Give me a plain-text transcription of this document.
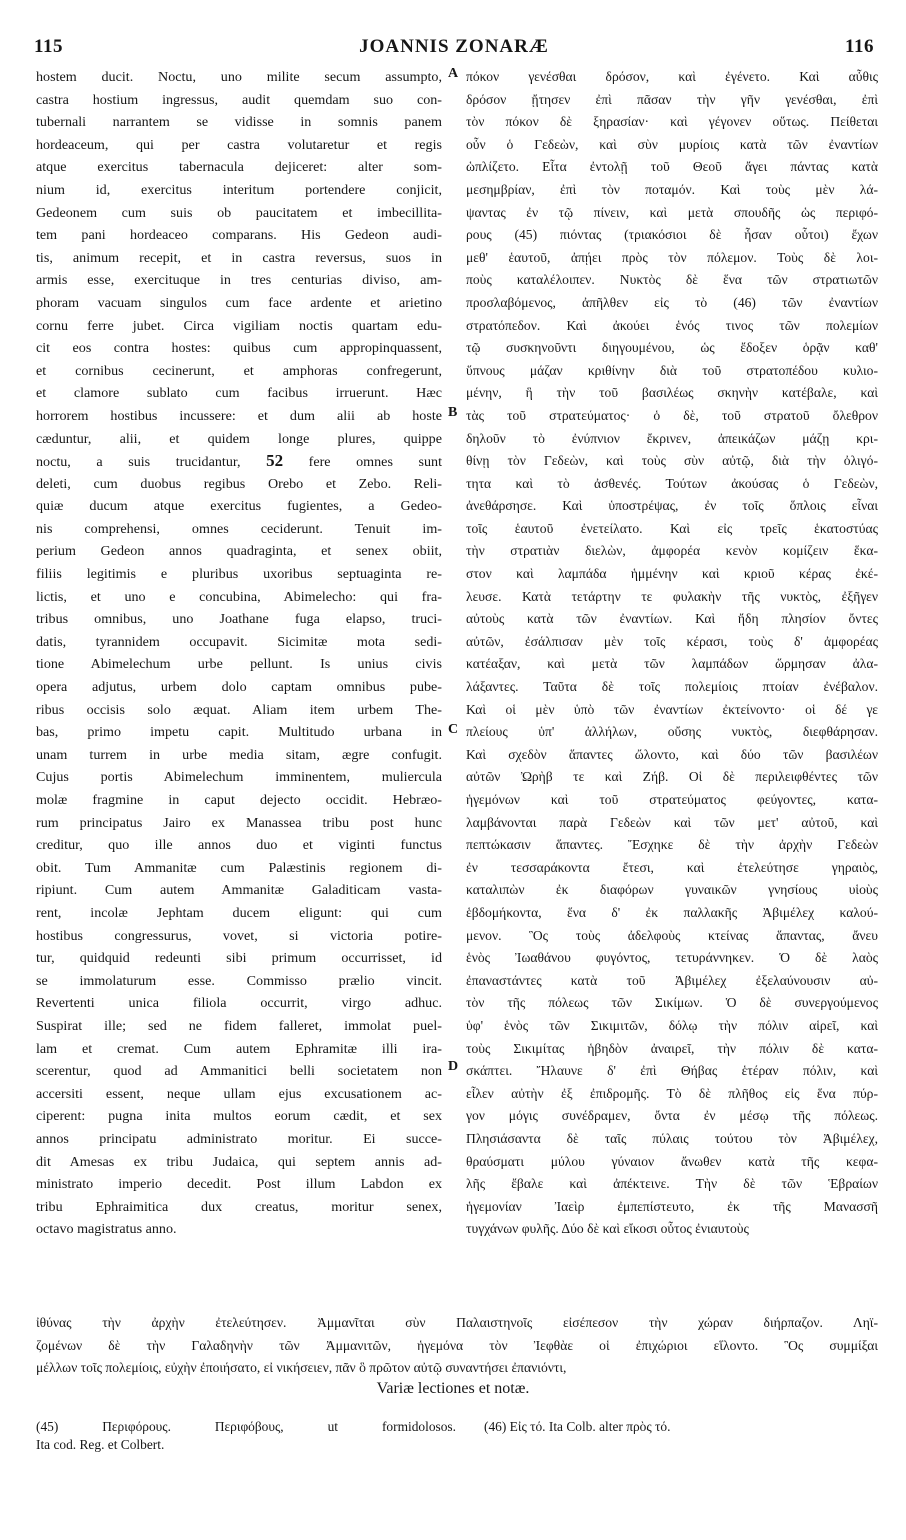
115	JOANNIS ZONARÆ	116
hostem ducit. Noctu, uno milite secum assumpto,
castra hostium ingressus, audit quemdam suo con-
tubernali narrantem se vidisse in somnis panem
hordeaceum, qui per castra volutaretur et regis
atque exercitus tabernacula dejiceret: alter som-
nium id, exercitus interitum portendere conjicit,
Gedeonem cum suis ob paucitatem et imbecillita-
tem pani hordeaceo comparans. His Gedeon audi-
tis, animum recepit, et in castra reversus, suos in
armis esse, exercituque in tres centurias diviso, am-
phoram vacuam singulos cum face ardente et arietino
cornu ferre jubet. Circa vigiliam noctis quartam edu-
cit eos contra hostes: quibus cum appropinquassent,
et cornibus cecinerunt, et amphoras confregerunt,
et clamore sublato cum facibus irruerunt. Hæc
horrorem hostibus incussere: et dum alii ab hoste
cæduntur, alii, et quidem longe plures, quippe
noctu, a suis trucidantur, 52 fere omnes sunt
deleti, cum duobus regibus Orebo et Zebo. Reli-
quiæ ducum atque exercitus fugientes, a Gedeo-
nis comprehensi, omnes ceciderunt. Tenuit im-
perium Gedeon annos quadraginta, et senex obiit,
filiis legitimis e pluribus uxoribus septuaginta re-
lictis, et uno e concubina, Abimelecho: qui fra-
tribus omnibus, uno Joathane fuga elapso, truci-
datis, tyrannidem occupavit. Sicimitæ mota sedi-
tione Abimelechum urbe pellunt. Is unius civis
opera adjutus, urbem dolo captam omnibus pube-
ribus occisis solo æquat. Aliam item urbem The-
bas, primo impetu capit. Multitudo urbana in
unam turrem in urbe media sitam, ægre confugit.
Cujus portis Abimelechum imminentem, muliercula
molæ fragmine in caput dejecto occidit. Hebræo-
rum principatus Jairo ex Manassea tribu post hunc
creditur, quo ille annos duo et viginti functus
obit. Tum Ammanitæ cum Palæstinis regionem di-
ripiunt. Cum autem Ammanitæ Galaditicam vasta-
rent, incolæ Jephtam ducem eligunt: qui cum
hostibus congressurus, vovet, si victoria potire-
tur, quidquid redeunti sibi primum occurrisset, id
se immolaturum esse. Commisso prælio vincit.
Revertenti unica filiola occurrit, virgo adhuc.
Suspirat ille; sed ne fidem falleret, immolat puel-
lam et cremat. Cum autem Ephramitæ illi ira-
scerentur, quod ad Ammanitici belli societatem non
accersiti essent, neque ullam ejus excusationem ac-
ciperent: pugna inita multos eorum cædit, et sex
annos principatu administrato moritur. Ei succe-
dit Amesas ex tribu Judaica, qui septem annis ad-
ministrato imperio decedit. Post illum Labdon ex
tribu Ephraimitica dux creatus, moritur senex,
octavo magistratus anno.
A
B
C
D
πόκον γενέσθαι δρόσον, καὶ ἐγένετο. Καὶ αὖθις
δρόσον ᾔτησεν ἐπὶ πᾶσαν τὴν γῆν γενέσθαι, ἐπὶ
τὸν πόκον δὲ ξηρασίαν· καὶ γέγονεν οὕτως. Πείθεται
οὖν ὁ Γεδεὼν, καὶ σὺν μυρίοις κατὰ τῶν ἐναντίων
ὡπλίζετο. Εἶτα ἐντολῇ τοῦ Θεοῦ ἄγει πάντας κατὰ
μεσημβρίαν, ἐπὶ τὸν ποταμόν. Καὶ τοὺς μὲν λά-
ψαντας ἐν τῷ πίνειν, καὶ μετὰ σπουδῆς ὡς περιφό-
ρους (45) πιόντας (τριακόσιοι δὲ ἦσαν οὗτοι) ἔχων
μεθ' ἑαυτοῦ, ἀπῄει πρὸς τὸν πόλεμον. Τοὺς δὲ λοι-
ποὺς καταλέλοιπεν. Νυκτὸς δὲ ἕνα τῶν στρατιωτῶν
προσλαβόμενος, ἀπῆλθεν εἰς τὸ (46) τῶν ἐναντίων
στρατόπεδον. Καὶ ἀκούει ἑνός τινος τῶν πολεμίων
τῷ συσκηνοῦντι διηγουμένου, ὡς ἔδοξεν ὁρᾷν καθ'
ὕπνους μάζαν κριθίνην διὰ τοῦ στρατοπέδου κυλιο-
μένην, ἣ τὴν τοῦ βασιλέως σκηνὴν κατέβαλε, καὶ
τὰς τοῦ στρατεύματος· ὁ δὲ, τοῦ στρατοῦ ὄλεθρον
δηλοῦν τὸ ἐνύπνιον ἔκρινεν, ἀπεικάζων μάζῃ κρι-
θίνῃ τὸν Γεδεὼν, καὶ τοὺς σὺν αὐτῷ, διὰ τὴν ὀλιγό-
τητα καὶ τὸ ἀσθενές. Τούτων ἀκούσας ὁ Γεδεὼν,
ἀνεθάρσησε. Καὶ ὑποστρέψας, ἐν τοῖς ὅπλοις εἶναι
τοῖς ἑαυτοῦ ἐνετείλατο. Καὶ εἰς τρεῖς ἑκατοστύας
τὴν στρατιὰν διελὼν, ἀμφορέα κενὸν κομίζειν ἕκα-
στον καὶ λαμπάδα ἡμμένην καὶ κριοῦ κέρας ἐκέ-
λευσε. Κατὰ τετάρτην τε φυλακὴν τῆς νυκτὸς, ἐξῆγεν
αὐτοὺς κατὰ τῶν ἐναντίων. Καὶ ἤδη πλησίον ὄντες
αὐτῶν, ἐσάλπισαν μὲν τοῖς κέρασι, τοὺς δ' ἀμφορέας
κατέαξαν, καὶ μετὰ τῶν λαμπάδων ὥρμησαν ἀλα-
λάξαντες. Ταῦτα δὲ τοῖς πολεμίοις πτοίαν ἐνέβαλον.
Καὶ οἱ μὲν ὑπὸ τῶν ἐναντίων ἐκτείνοντο· οἱ δέ γε
πλείους ὑπ' ἀλλήλων, οὔσης νυκτὸς, διεφθάρησαν.
Καὶ σχεδὸν ἅπαντες ὤλοντο, καὶ δύο τῶν βασιλέων
αὐτῶν Ὠρὴβ τε καὶ Ζήβ. Οἱ δὲ περιλειφθέντες τῶν
ἡγεμόνων καὶ τοῦ στρατεύματος φεύγοντες, κατα-
λαμβάνονται παρὰ Γεδεὼν καὶ τῶν μετ' αὐτοῦ, καὶ
πεπτώκασιν ἅπαντες. Ἔσχηκε δὲ τὴν ἀρχὴν Γεδεὼν
ἐν τεσσαράκοντα ἔτεσι, καὶ ἐτελεύτησε γηραιὸς,
καταλιπὼν ἐκ διαφόρων γυναικῶν γνησίους υἱοὺς
ἑβδομήκοντα, ἕνα δ' ἐκ παλλακῆς Ἀβιμέλεχ καλού-
μενον. Ὃς τοὺς ἀδελφοὺς κτείνας ἅπαντας, ἄνευ
ἑνὸς Ἰωαθάνου φυγόντος, τετυράννηκεν. Ὁ δὲ λαὸς
ἐπαναστάντες κατὰ τοῦ Ἀβιμέλεχ ἐξελαύνουσιν αὐ-
τὸν τῆς πόλεως τῶν Σικίμων. Ὁ δὲ συνεργούμενος
ὑφ' ἑνὸς τῶν Σικιμιτῶν, δόλῳ τὴν πόλιν αἱρεῖ, καὶ
τοὺς Σικιμίτας ἡβηδὸν ἀναιρεῖ, τὴν πόλιν δὲ κατα-
σκάπτει. Ἤλαυνε δ' ἐπὶ Θήβας ἑτέραν πόλιν, καὶ
εἷλεν αὐτὴν ἐξ ἐπιδρομῆς. Τὸ δὲ πλῆθος εἰς ἕνα πύρ-
γον μόγις συνέδραμεν, ὄντα ἐν μέσῳ τῆς πόλεως.
Πλησιάσαντα δὲ ταῖς πύλαις τούτου τὸν Ἀβιμέλεχ,
θραύσματι μύλου γύναιον ἄνωθεν κατὰ τῆς κεφα-
λῆς ἔβαλε καὶ ἀπέκτεινε. Τὴν δὲ τῶν Ἑβραίων
ἡγεμονίαν Ἰαεὶρ ἐμπεπίστευτο, ἐκ τῆς Μανασσῆ
τυγχάνων φυλῆς. Δύο δὲ καὶ εἴκοσι οὗτος ἐνιαυτοὺς
ἰθύνας τὴν ἀρχὴν ἐτελεύτησεν. Ἀμμανῖται σὺν Παλαιστηνοῖς εἰσέπεσον τὴν χώραν διήρπαζον. Ληϊ-
ζομένων δὲ τὴν Γαλαδηνὴν τῶν Ἀμμανιτῶν, ἡγεμόνα τὸν Ἰεφθὰε οἱ ἐπιχώριοι εἵλοντο. Ὃς συμμίξαι
μέλλων τοῖς πολεμίοις, εὐχὴν ἐποιήσατο, εἰ νικήσειεν, πᾶν ὃ πρῶτον αὐτῷ συναντήσει ἐπανιόντι,
Variæ lectiones et notæ.
(45) Περιφόρους. Περιφόβους, ut formidolosos.
Ita cod. Reg. et Colbert.
(46) Εἰς τό. Ita Colb. alter πρὸς τό.
